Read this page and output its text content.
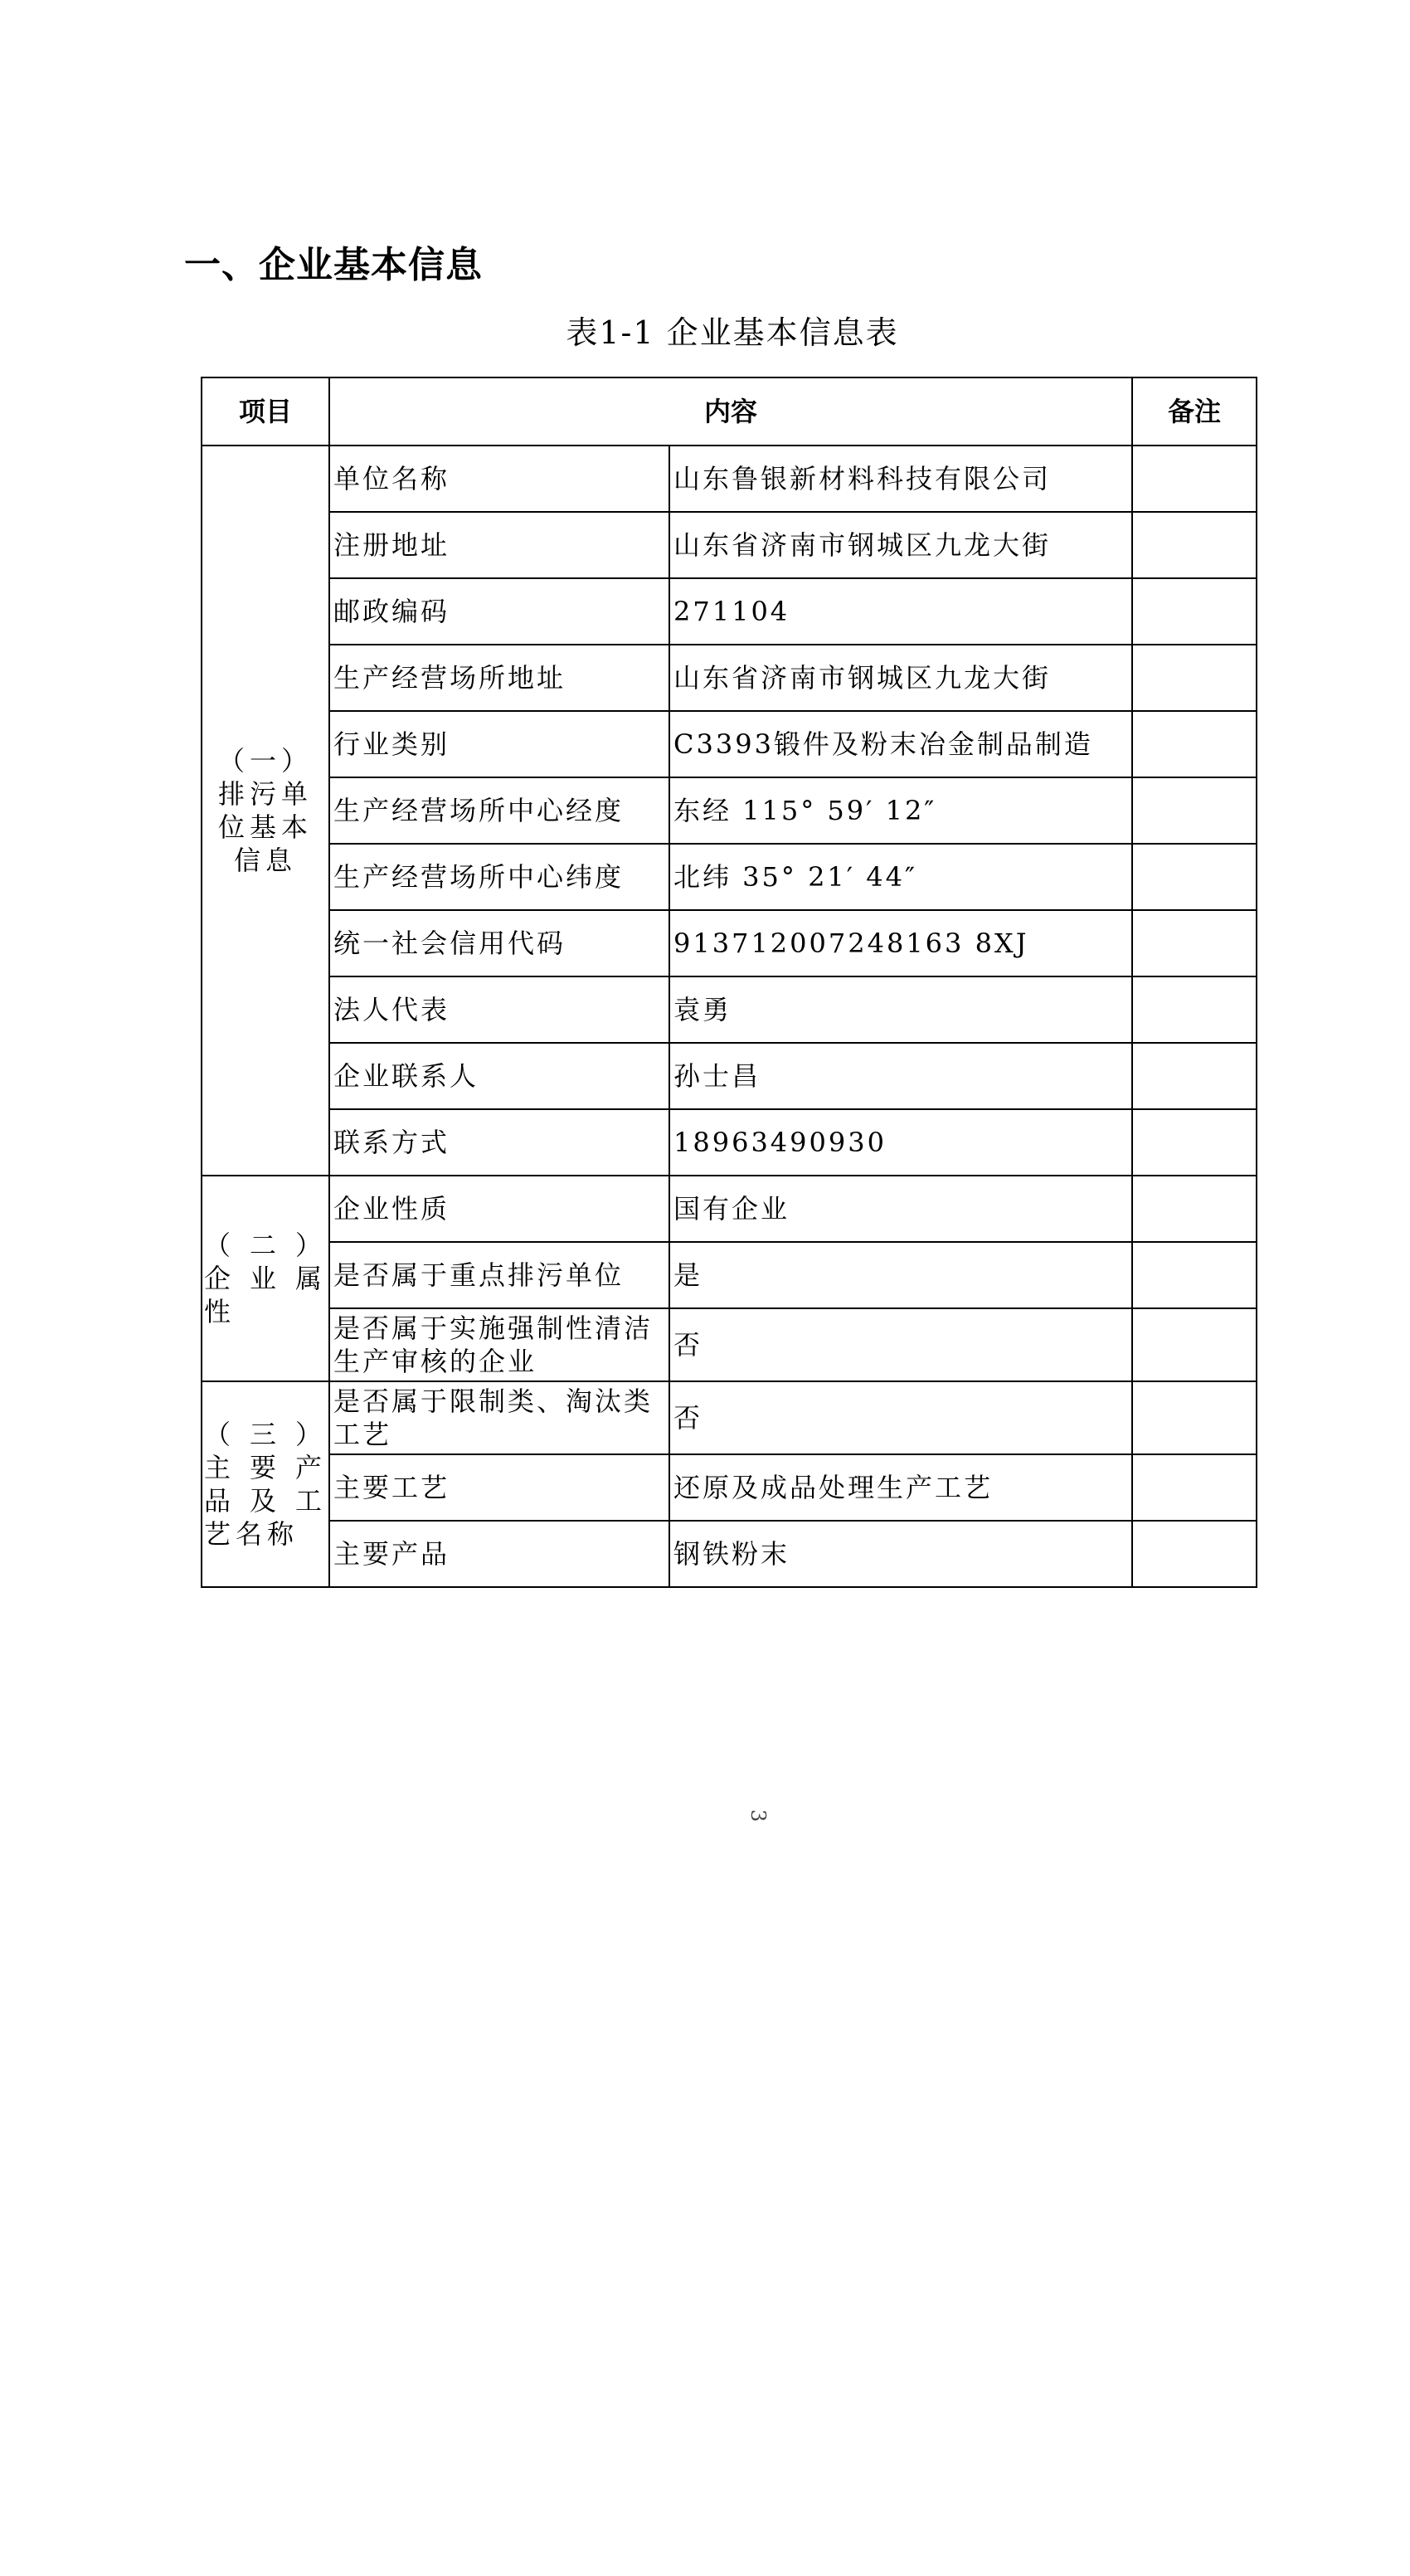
一、企业基本信息

表1-1 企业基本信息表

项目	内容		备注
（一）排污单位基本信息	单位名称	山东鲁银新材料科技有限公司	
	注册地址	山东省济南市钢城区九龙大街	
	邮政编码	271104	
	生产经营场所地址	山东省济南市钢城区九龙大街	
	行业类别	C3393锻件及粉末冶金制品制造	
	生产经营场所中心经度	东经 115° 59′ 12″	
	生产经营场所中心纬度	北纬 35° 21′ 44″	
	统一社会信用代码	913712007248163 8XJ	
	法人代表	袁勇	
	企业联系人	孙士昌	
	联系方式	18963490930	
（二）企业属性	企业性质	国有企业	
	是否属于重点排污单位	是	
	是否属于实施强制性清洁生产审核的企业	否	
（三）主要产品及工艺名称	是否属于限制类、淘汰类工艺	否	
	主要工艺	还原及成品处理生产工艺	
	主要产品	钢铁粉末	
3
